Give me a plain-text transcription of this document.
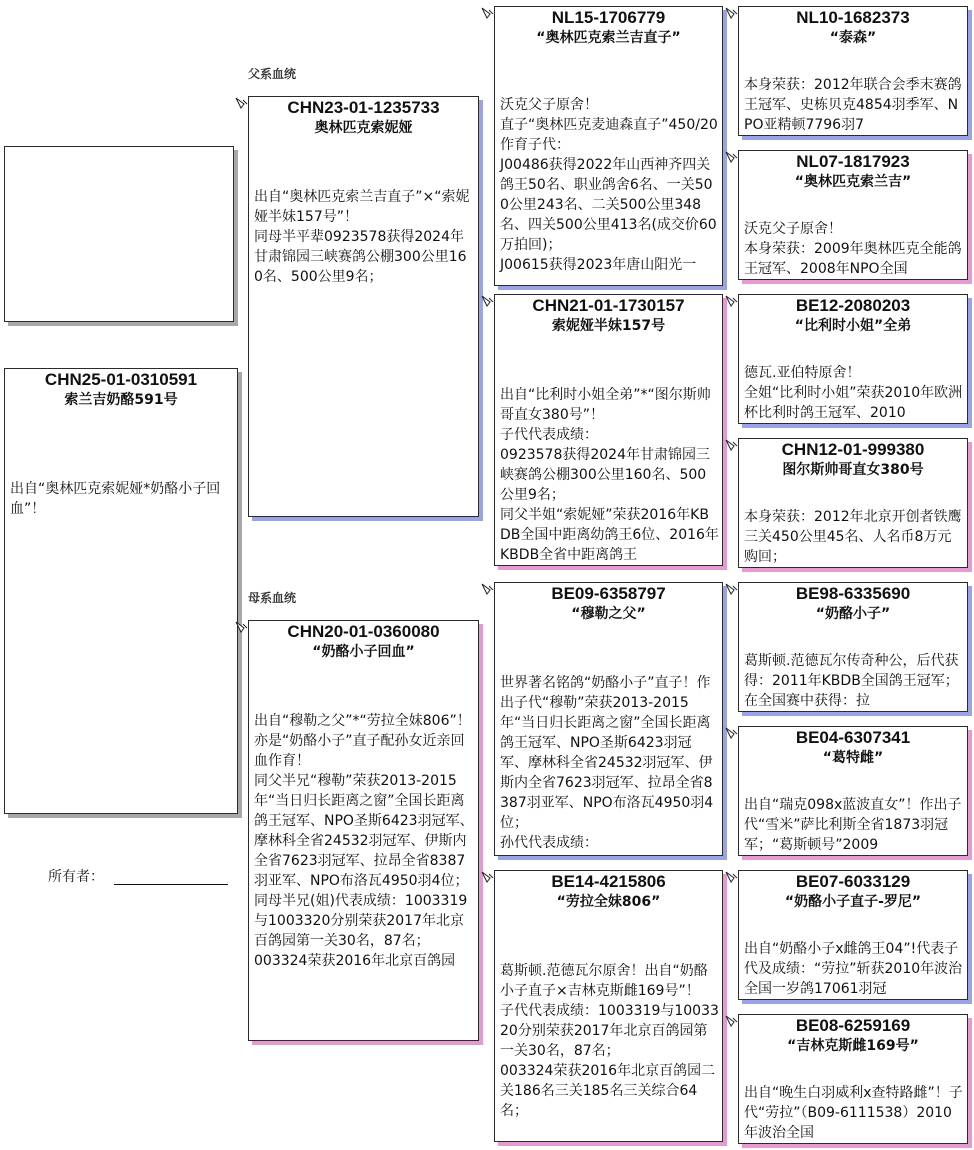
CHN25-01-0310591
索兰吉奶酪591号
出自“奥林匹克索妮娅*奶酪小子回血”！
所有者：
父系血统
母系血统
CHN23-01-1235733
奥林匹克索妮娅
出自“奥林匹克索兰吉直子”×“索妮娅半妹157号”！
同母半平辈0923578获得2024年甘肃锦园三峡赛鸽公棚300公里160名、500公里9名；
CHN20-01-0360080
“奶酪小子回血”
出自“穆勒之父”*“劳拉全妹806”！
亦是“奶酪小子”直子配孙女近亲回血作育！
同父半兄“穆勒”荣获2013-2015年“当日归长距离之窗”全国长距离鸽王冠军、NPO圣斯6423羽冠军、摩林科全省24532羽冠军、伊斯内全省7623羽冠军、拉昂全省8387羽亚军、NPO布洛瓦4950羽4位；
同母半兄(姐)代表成绩：1003319与1003320分别荣获2017年北京百鸽园第一关30名，87名；
003324荣获2016年北京百鸽园
NL15-1706779
“奥林匹克索兰吉直子”
沃克父子原舍！
直子“奥林匹克麦迪森直子”450/20作育子代：
J00486获得2022年山西神齐四关鸽王50名、职业鸽舍6名、一关500公里243名、二关500公里348名、四关500公里413名(成交价60万拍回)；
J00615获得2023年唐山阳光一
CHN21-01-1730157
索妮娅半妹157号
出自“比利时小姐全弟”*“图尔斯帅哥直女380号”！
子代代表成绩：
0923578获得2024年甘肃锦园三峡赛鸽公棚300公里160名、500公里9名；
同父半姐“索妮娅”荣获2016年KBDB全国中距离幼鸽王6位、2016年KBDB全省中距离鸽王
BE09-6358797
“穆勒之父”
世界著名铭鸽“奶酪小子”直子！作出子代“穆勒”荣获2013-2015年“当日归长距离之窗”全国长距离鸽王冠军、NPO圣斯6423羽冠军、摩林科全省24532羽冠军、伊斯内全省7623羽冠军、拉昂全省8387羽亚军、NPO布洛瓦4950羽4位；
孙代代表成绩：
BE14-4215806
“劳拉全妹806”
葛斯顿.范德瓦尔原舍！出自“奶酪小子直子×吉林克斯雌169号”！
子代代表成绩：1003319与1003320分别荣获2017年北京百鸽园第一关30名，87名；
003324荣获2016年北京百鸽园二关186名三关185名三关综合64名；
NL10-1682373
“泰森”
本身荣获：2012年联合会季末赛鸽王冠军、史栋贝克4854羽季军、NPO亚精顿7796羽7
NL07-1817923
“奥林匹克索兰吉”
沃克父子原舍！
本身荣获：2009年奥林匹克全能鸽王冠军、2008年NPO全国
BE12-2080203
“比利时小姐”全弟
德瓦.亚伯特原舍！
全姐“比利时小姐”荣获2010年欧洲杯比利时鸽王冠军、2010
CHN12-01-999380
图尔斯帅哥直女380号
本身荣获：2012年北京开创者铁鹰三关450公里45名、人名币8万元购回；
BE98-6335690
“奶酪小子”
葛斯顿.范德瓦尔传奇种公，后代获得：2011年KBDB全国鸽王冠军；在全国赛中获得：拉
BE04-6307341
“葛特雌”
出自“瑞克098x蓝波直女”！作出子代“雪米”萨比利斯全省1873羽冠军；“葛斯顿号”2009
BE07-6033129
“奶酪小子直子-罗尼”
出自“奶酪小子x雌鸽王04”!代表子代及成绩：“劳拉”斩获2010年波治全国一岁鸽17061羽冠
BE08-6259169
“吉林克斯雌169号”
出自“晚生白羽威利x查特路雌”！子代“劳拉”（B09-6111538）2010年波治全国
